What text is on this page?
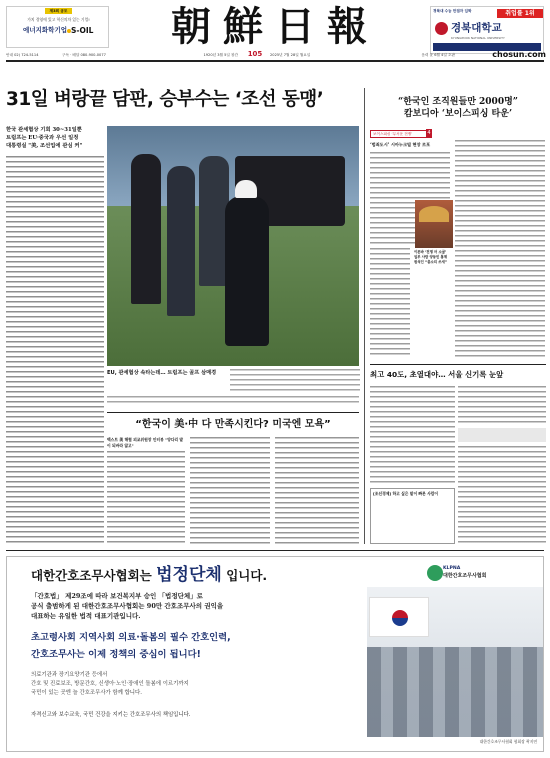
제3회 공모
가치 경영에 있고 혁신의차 있는 기업!
에너지화학기업 S-OIL	朝鮮日報	경북대 수능 만점자 입학	취업률 1위
경북대학교
KYUNGPOOK NATIONAL UNIVERSITY
안내 02) 724-5114	구독 · 배달 080-900-0077	1920년 3월 5일 창간	105	2025년 7월 28일 월요일	음력 윤 6월 4일 초판	chosun.com
31일 벼랑끝 담판, 승부수는 ‘조선 동맹’
한국 관세협상 기회 30~31일뿐
트럼프는 EU·중국과 우선 일정
대통령실 "美, 조선업에 관심 커"
EU, 관세협상 속타는데… 트럼프는 골프 삼매경
“한국이 美·中 다 만족시킨다? 미국엔 모욕”
백스트 美 해협 외교위원장 인터뷰 "양다리 말이 되바라 않고"
“한국인 조직원들만 2000명”
캄보디아 ‘보이스피싱 타운’
보이스피싱 ‘무서운 전쟁’	4
‘범죄도시’ 시아누크빌 현장 르포
이른바 ‘전쟁 어 소굴’
일부 사람 양동민 통제
원석인 “총소리 쓰새”
최고 40도, 초열대야… 서울 신기록 눈앞
[조선경제] 하고 싶은 말이 빠른 사람이
대한간호조무사협회는 법정단체 입니다.	KLPNA
대한간호조무사협회
「간호법」 제29조에 따라 보건복지부 승인 「법정단체」로
공식 출범하게 된 대한간호조무사협회는 90만 간호조무사의 권익을
대표하는 유일한 법적 대표기관입니다.
초고령사회 지역사회 의료·돌봄의 필수 간호인력,
간호조무사는 이제 정책의 중심이 됩니다!
의료기관과 장기요양기관 등에서
간호 및 진료보조, 방문간호, 신생아·노인·장애인 돌봄에 이르기까지
국민이 있는 곳엔 늘 간호조무사가 함께 합니다.
자격신고와 보수교육, 국민 건강을 지키는 간호조무사의 책임입니다.
대한간호조무사협회 협회장 곽지연
